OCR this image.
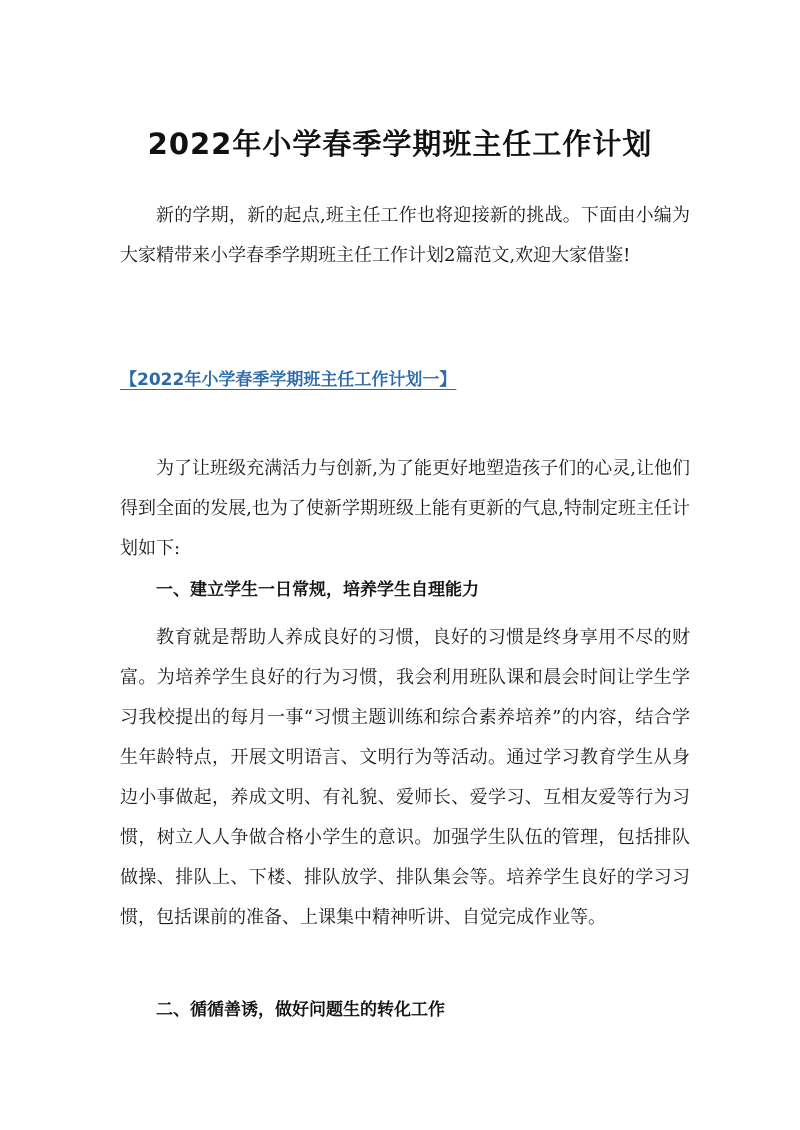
2022年小学春季学期班主任工作计划
新的学期，新的起点,班主任工作也将迎接新的挑战。下面由小编为大家精带来小学春季学期班主任工作计划2篇范文,欢迎大家借鉴!
【2022年小学春季学期班主任工作计划一】
为了让班级充满活力与创新,为了能更好地塑造孩子们的心灵,让他们得到全面的发展,也为了使新学期班级上能有更新的气息,特制定班主任计划如下:
一、建立学生一日常规，培养学生自理能力
教育就是帮助人养成良好的习惯，良好的习惯是终身享用不尽的财富。为培养学生良好的行为习惯，我会利用班队课和晨会时间让学生学习我校提出的每月一事“习惯主题训练和综合素养培养”的内容，结合学生年龄特点，开展文明语言、文明行为等活动。通过学习教育学生从身边小事做起，养成文明、有礼貌、爱师长、爱学习、互相友爱等行为习惯，树立人人争做合格小学生的意识。加强学生队伍的管理，包括排队做操、排队上、下楼、排队放学、排队集会等。培养学生良好的学习习惯，包括课前的准备、上课集中精神听讲、自觉完成作业等。
二、循循善诱，做好问题生的转化工作
